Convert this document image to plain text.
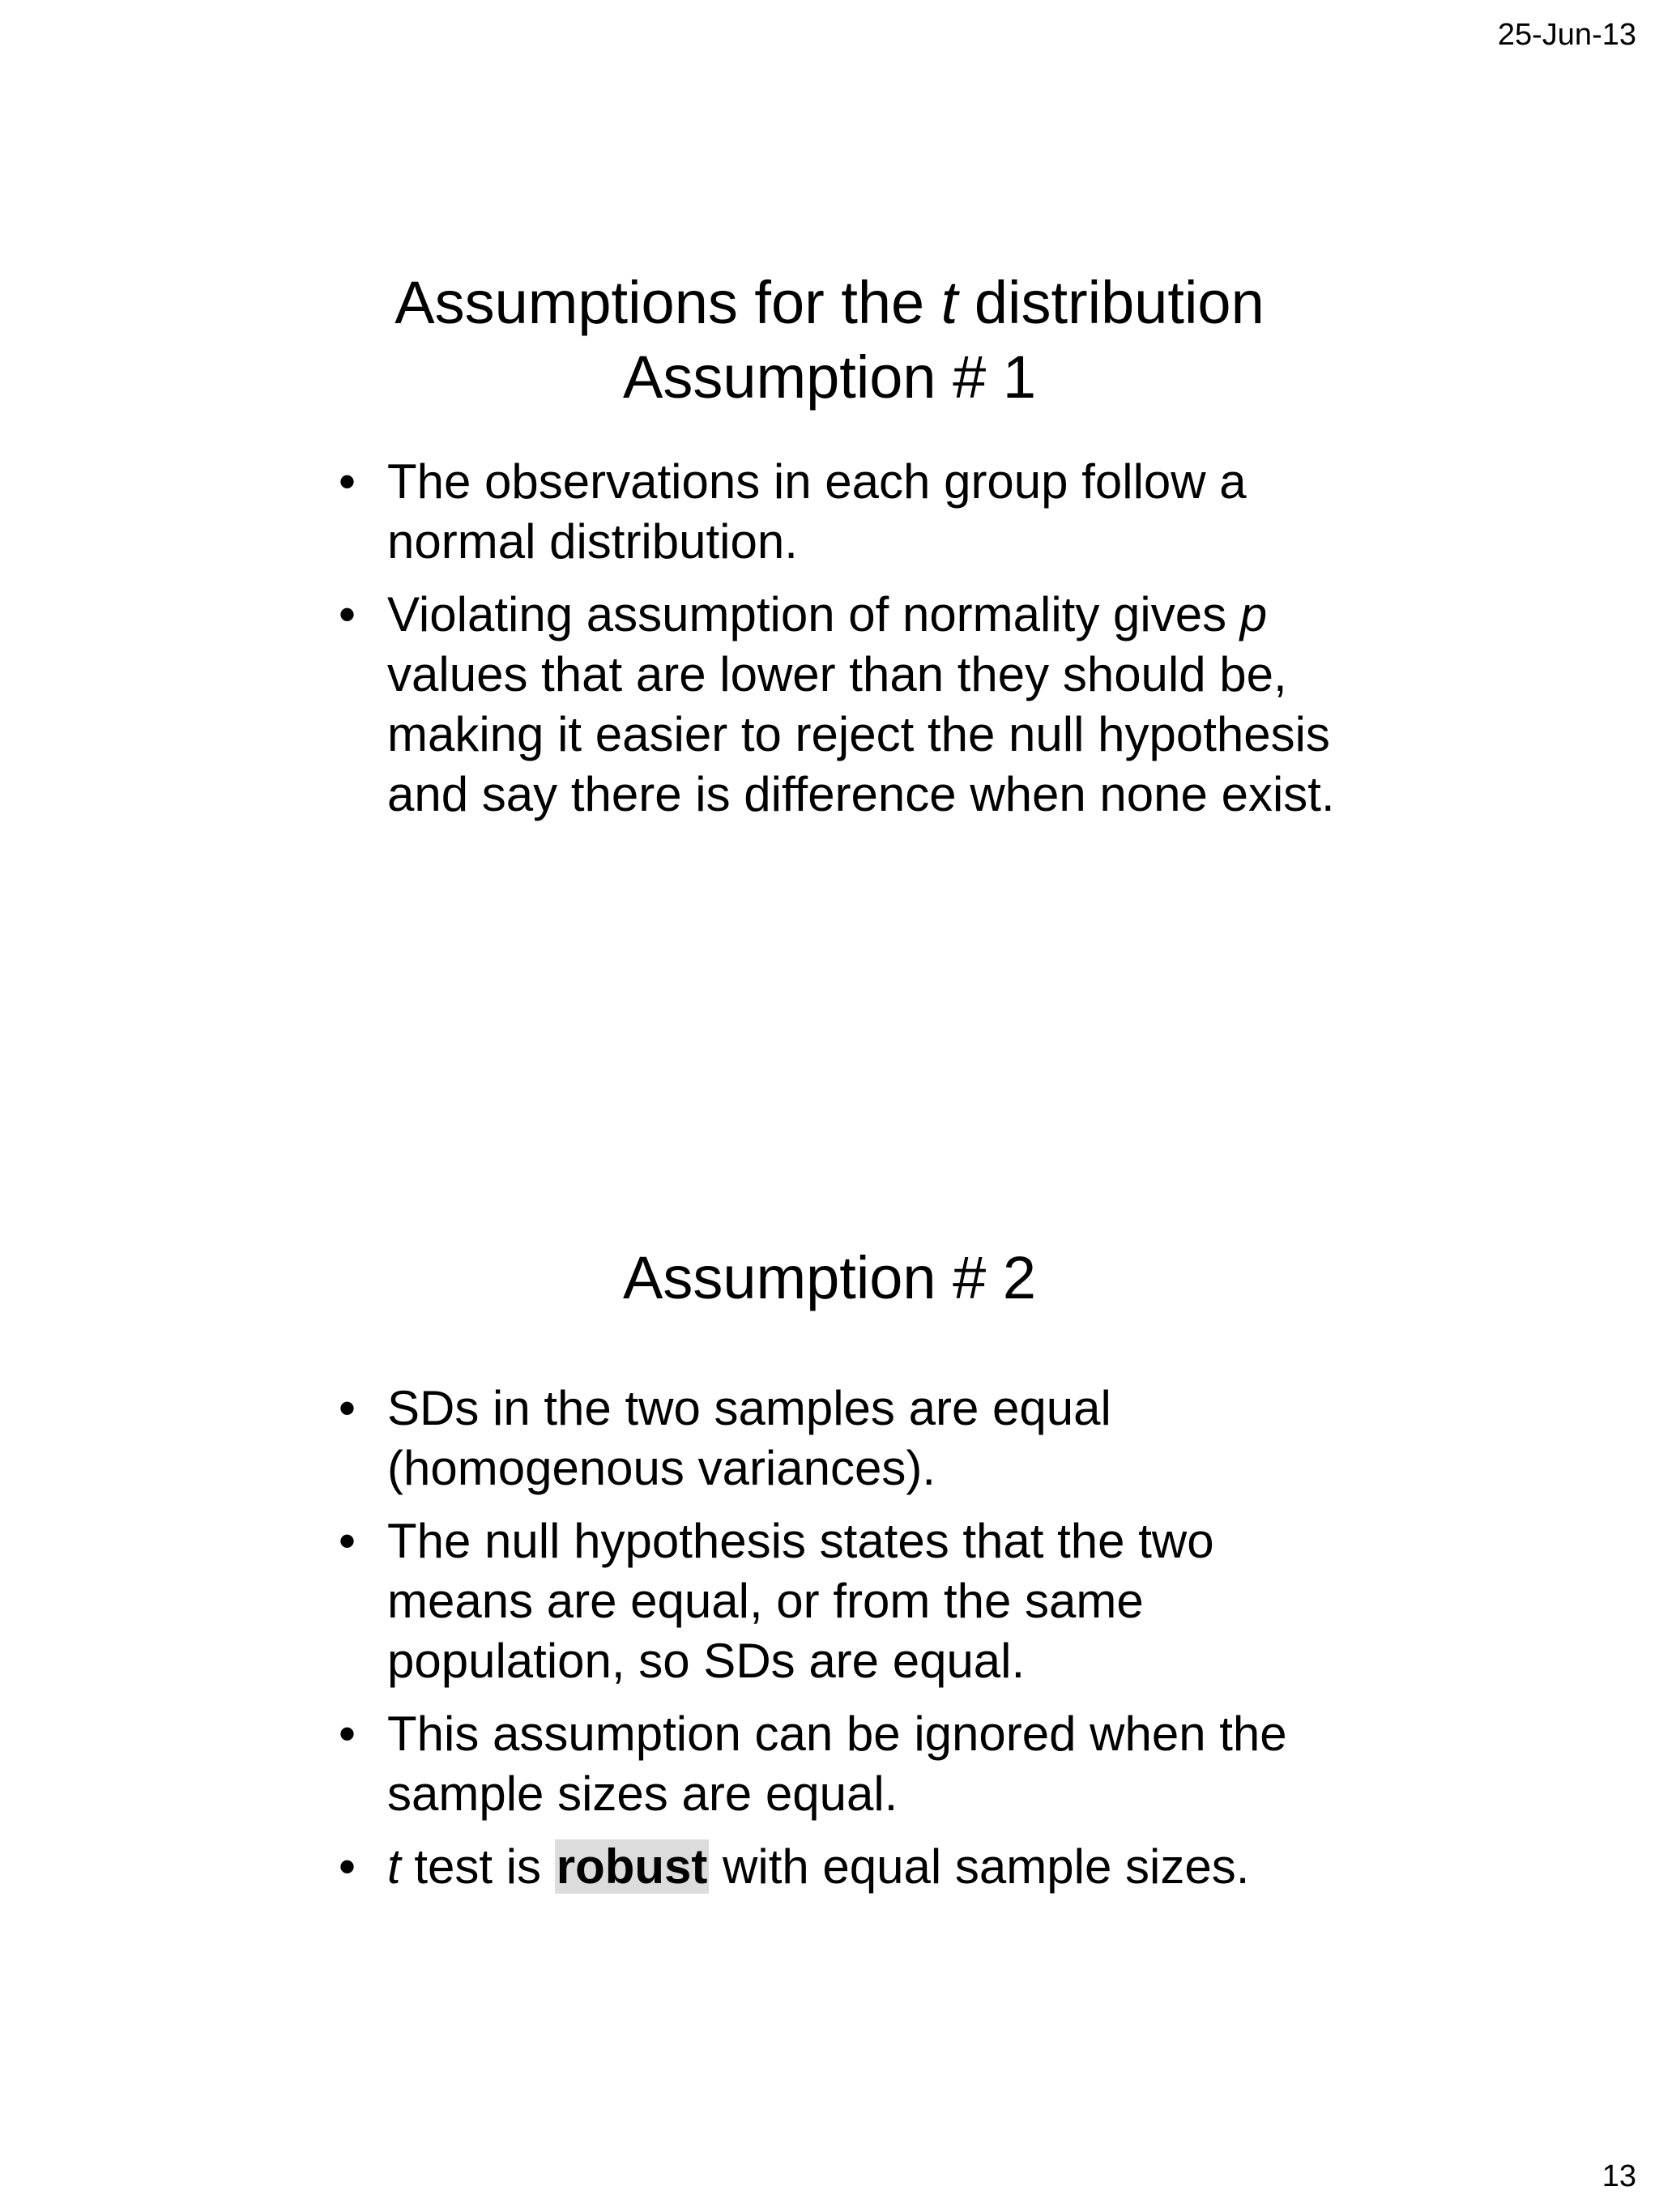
25-Jun-13
Assumptions for the t distribution
Assumption # 1
• The observations in each group follow a normal distribution.
• Violating assumption of normality gives p values that are lower than they should be, making it easier to reject the null hypothesis and say there is difference when none exist.
Assumption # 2
• SDs in the two samples are equal (homogenous variances).
• The null hypothesis states that the two means are equal, or from the same population, so SDs are equal.
• This assumption can be ignored when the sample sizes are equal.
• t test is robust with equal sample sizes.
13
